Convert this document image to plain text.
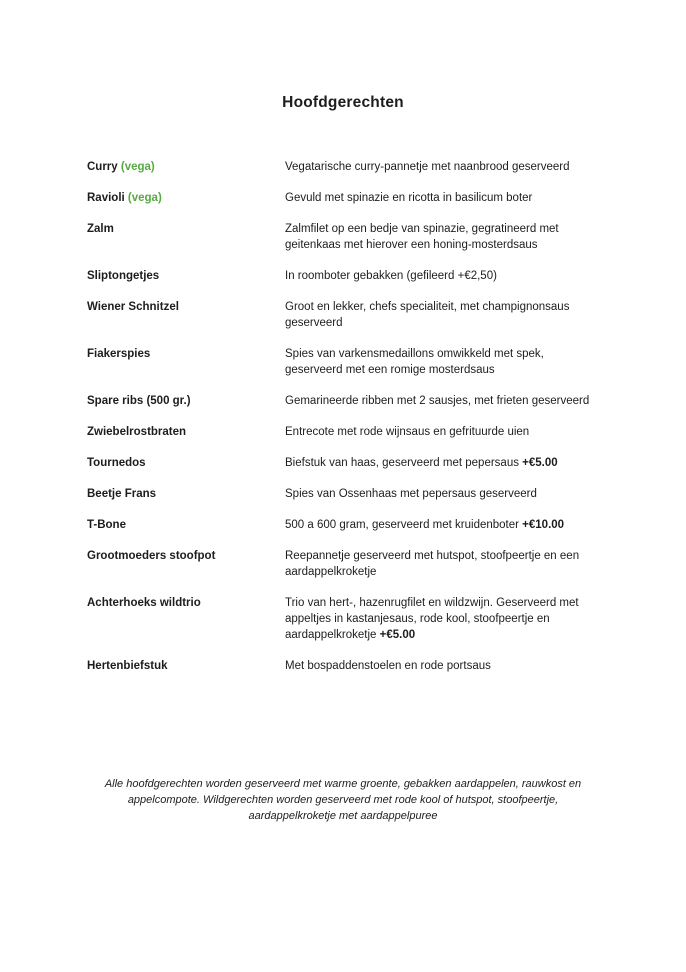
Hoofdgerechten
Curry (vega)	Vegatarische curry-pannetje met naanbrood geserveerd
Ravioli (vega)	Gevuld met spinazie en ricotta in basilicum boter
Zalm	Zalmfilet op een bedje van spinazie, gegratineerd met geitenkaas met hierover een honing-mosterdsaus
Sliptongetjes	In roomboter gebakken (gefileerd +€2,50)
Wiener Schnitzel	Groot en lekker, chefs specialiteit, met champignonsaus geserveerd
Fiakerspies	Spies van varkensmedaillons omwikkeld met spek, geserveerd met een romige mosterdsaus
Spare ribs (500 gr.)	Gemarineerde ribben met 2 sausjes, met frieten geserveerd
Zwiebelrostbraten	Entrecote met rode wijnsaus en gefrituurde uien
Tournedos	Biefstuk van haas, geserveerd met pepersaus +€5.00
Beetje Frans	Spies van Ossenhaas met pepersaus geserveerd
T-Bone	500 a 600 gram, geserveerd met kruidenboter +€10.00
Grootmoeders stoofpot	Reepannetje geserveerd met hutspot, stoofpeertje en een aardappelkroketje
Achterhoeks wildtrio	Trio van hert-, hazenrugfilet en wildzwijn. Geserveerd met appeltjes in kastanjesaus, rode kool, stoofpeertje en aardappelkroketje +€5.00
Hertenbiefstuk	Met bospaddenstoelen en rode portsaus

Alle hoofdgerechten worden geserveerd met warme groente, gebakken aardappelen, rauwkost en appelcompote. Wildgerechten worden geserveerd met rode kool of hutspot, stoofpeertje, aardappelkroketje met aardappelpuree
